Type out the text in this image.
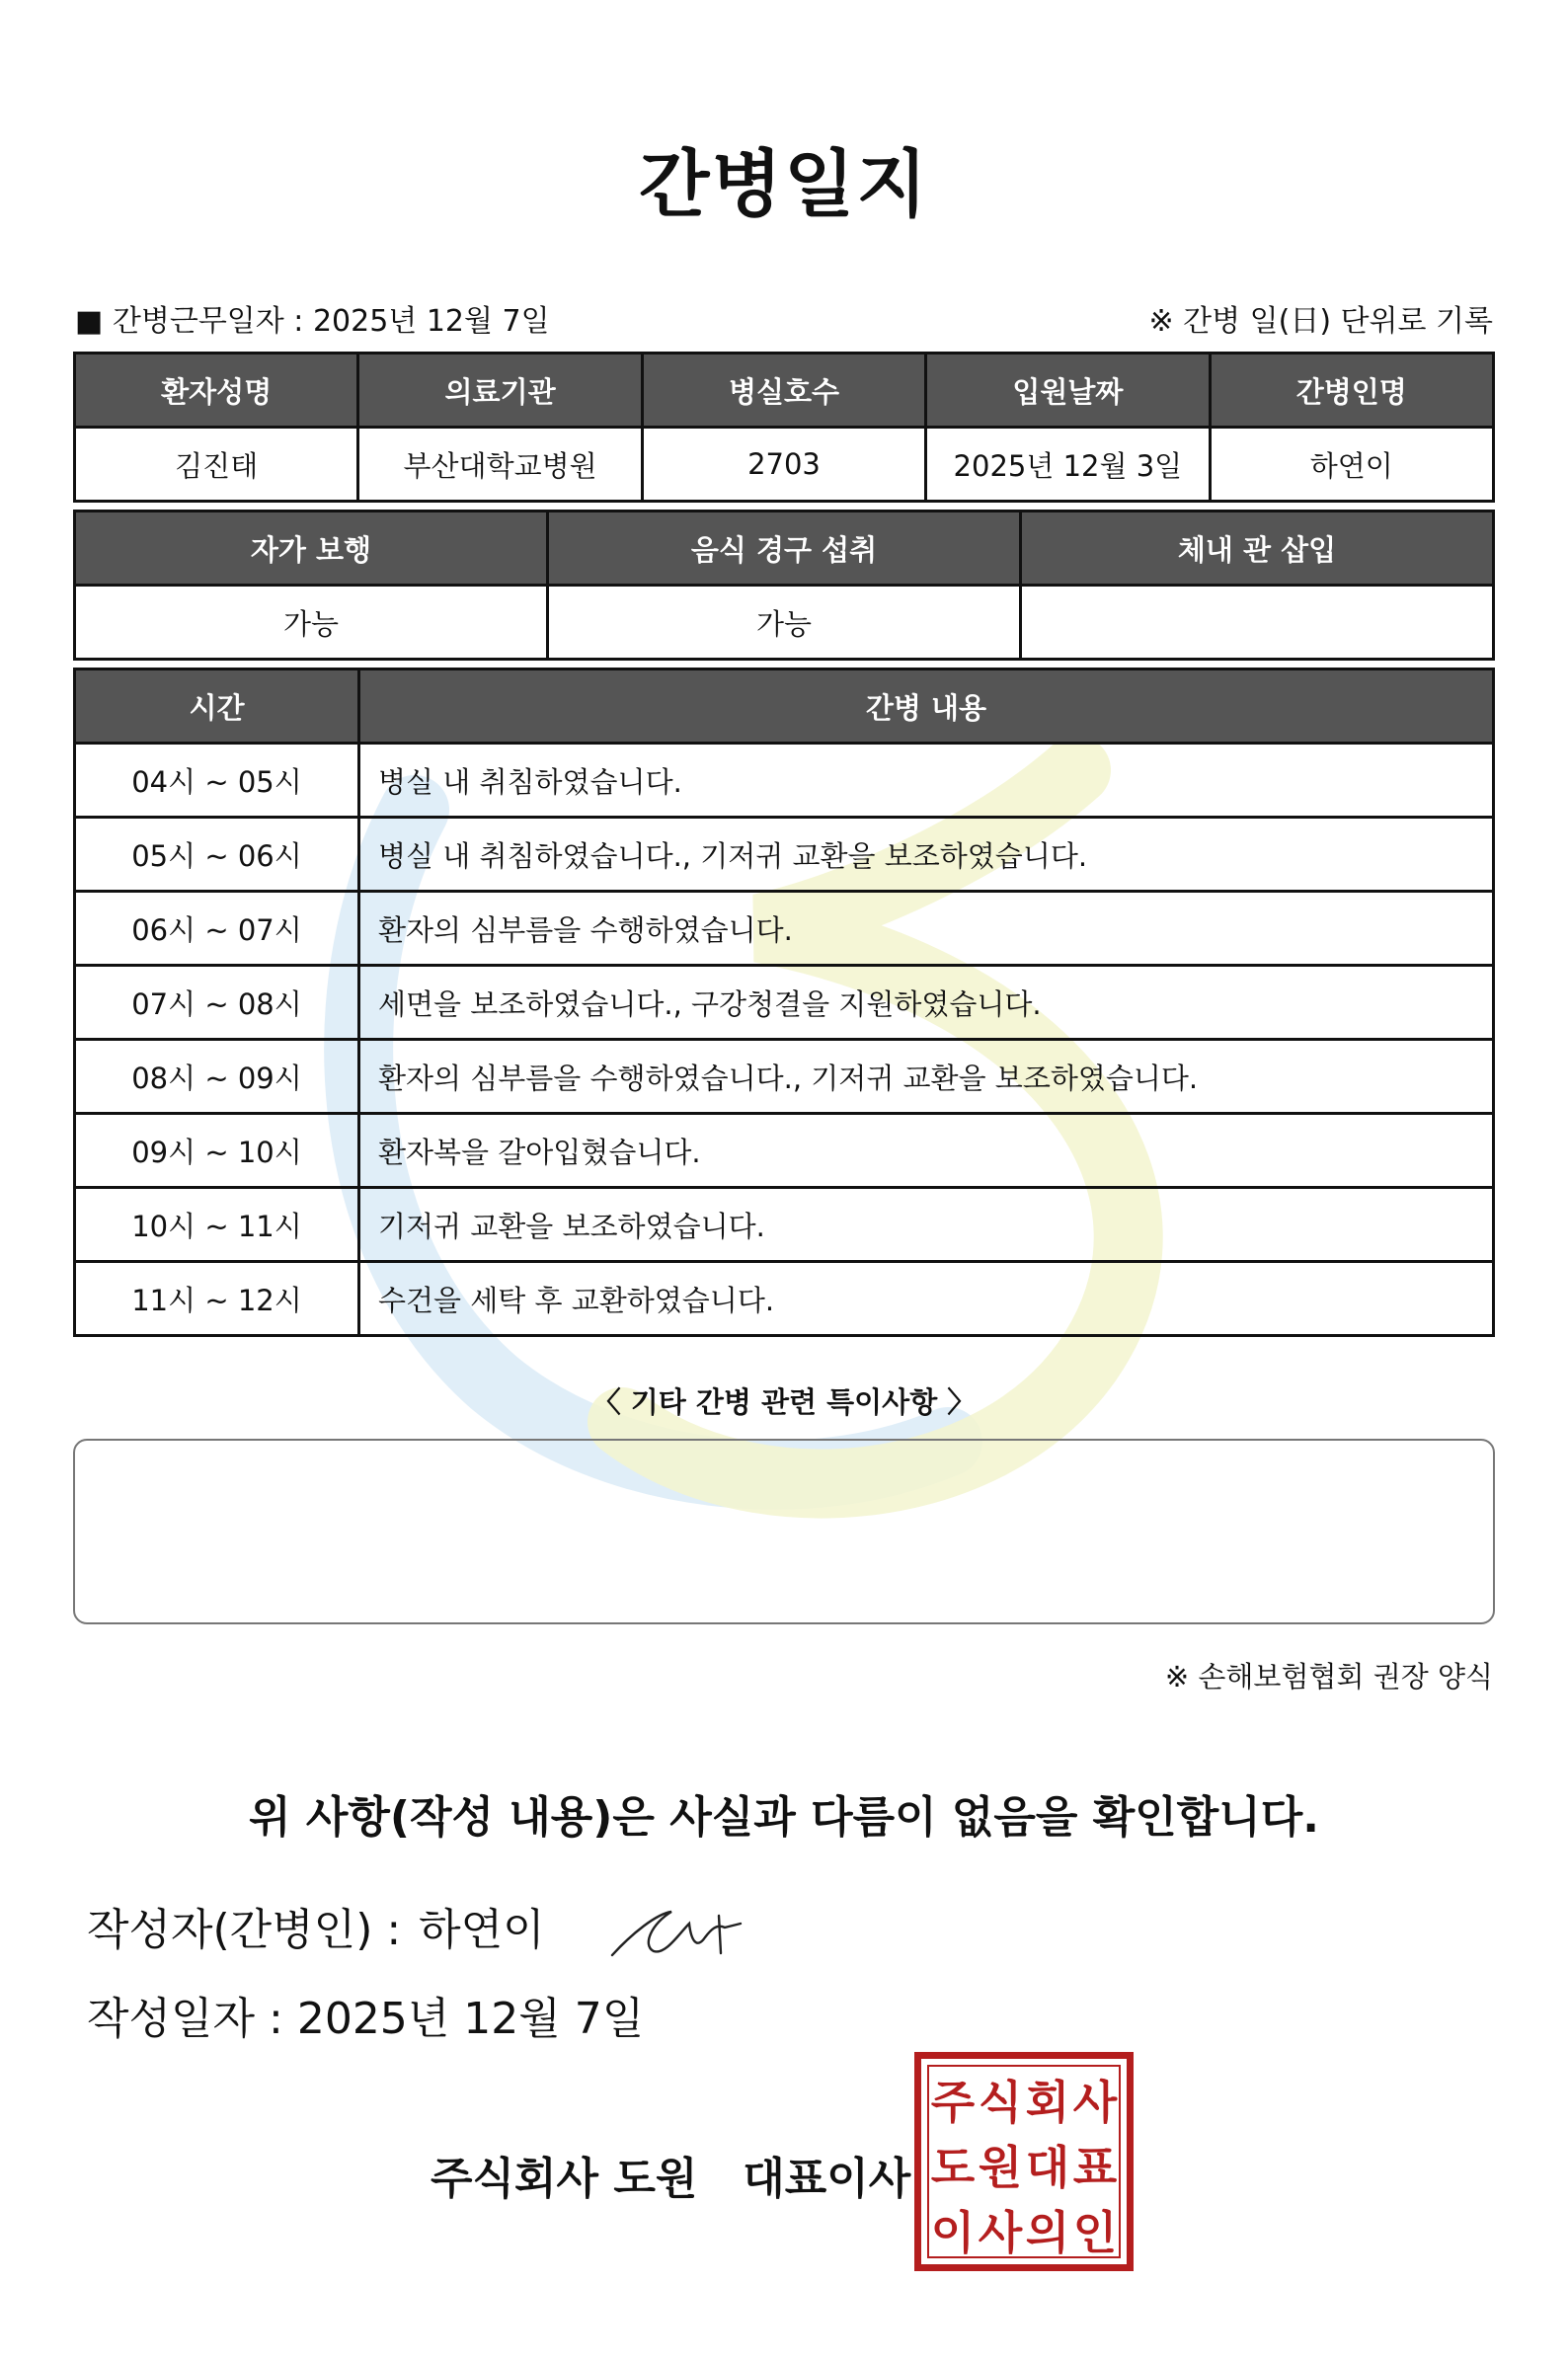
간병일지
■ 간병근무일자 : 2025년 12월 7일	※ 간병 일(日) 단위로 기록
환자성명	의료기관	병실호수	입원날짜	간병인명
김진태	부산대학교병원	2703	2025년 12월 3일	하연이
자가 보행	음식 경구 섭취	체내 관 삽입
가능	가능	
시간	간병 내용
04시 ~ 05시	병실 내 취침하였습니다.
05시 ~ 06시	병실 내 취침하였습니다., 기저귀 교환을 보조하였습니다.
06시 ~ 07시	환자의 심부름을 수행하였습니다.
07시 ~ 08시	세면을 보조하였습니다., 구강청결을 지원하였습니다.
08시 ~ 09시	환자의 심부름을 수행하였습니다., 기저귀 교환을 보조하였습니다.
09시 ~ 10시	환자복을 갈아입혔습니다.
10시 ~ 11시	기저귀 교환을 보조하였습니다.
11시 ~ 12시	수건을 세탁 후 교환하였습니다.
〈 기타 간병 관련 특이사항 〉
※ 손해보험협회 권장 양식
위 사항(작성 내용)은 사실과 다름이 없음을 확인합니다.
작성자(간병인) : 하연이
작성일자 : 2025년 12월 7일
주식회사 도원   대표이사
주 식 회 사
도 원 대 표
이 사 의 인
